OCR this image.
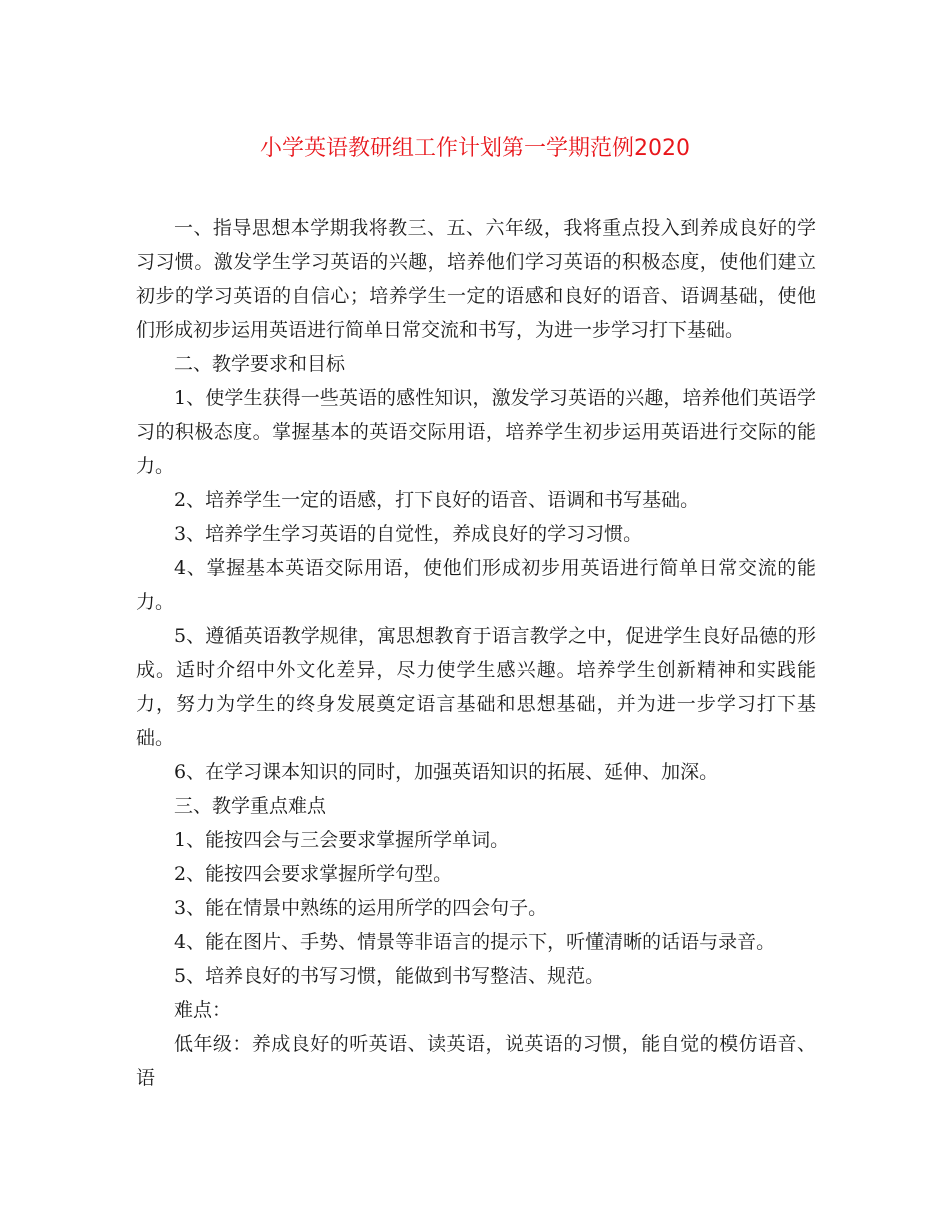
小学英语教研组工作计划第一学期范例2020

一、指导思想本学期我将教三、五、六年级，我将重点投入到养成良好的学习习惯。激发学生学习英语的兴趣，培养他们学习英语的积极态度，使他们建立初步的学习英语的自信心；培养学生一定的语感和良好的语音、语调基础，使他们形成初步运用英语进行简单日常交流和书写，为进一步学习打下基础。

二、教学要求和目标

1、使学生获得一些英语的感性知识，激发学习英语的兴趣，培养他们英语学习的积极态度。掌握基本的英语交际用语，培养学生初步运用英语进行交际的能力。

2、培养学生一定的语感，打下良好的语音、语调和书写基础。

3、培养学生学习英语的自觉性，养成良好的学习习惯。

4、掌握基本英语交际用语，使他们形成初步用英语进行简单日常交流的能力。

5、遵循英语教学规律，寓思想教育于语言教学之中，促进学生良好品德的形成。适时介绍中外文化差异，尽力使学生感兴趣。培养学生创新精神和实践能力，努力为学生的终身发展奠定语言基础和思想基础，并为进一步学习打下基础。

6、在学习课本知识的同时，加强英语知识的拓展、延伸、加深。

三、教学重点难点

1、能按四会与三会要求掌握所学单词。

2、能按四会要求掌握所学句型。

3、能在情景中熟练的运用所学的四会句子。

4、能在图片、手势、情景等非语言的提示下，听懂清晰的话语与录音。

5、培养良好的书写习惯，能做到书写整洁、规范。

难点：

低年级：养成良好的听英语、读英语，说英语的习惯，能自觉的模仿语音、语
